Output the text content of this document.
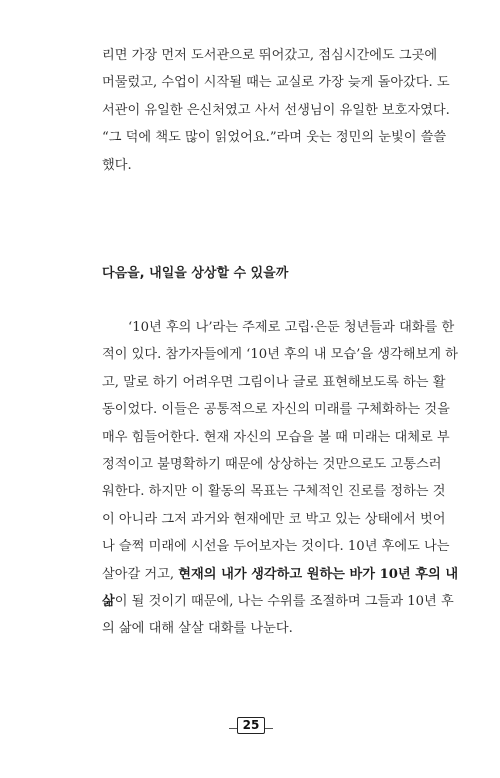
리면 가장 먼저 도서관으로 뛰어갔고, 점심시간에도 그곳에
머물렀고, 수업이 시작될 때는 교실로 가장 늦게 돌아갔다. 도
서관이 유일한 은신처였고 사서 선생님이 유일한 보호자였다.
“그 덕에 책도 많이 읽었어요.”라며 웃는 정민의 눈빛이 쓸쓸
했다.

다음을, 내일을 상상할 수 있을까

‘10년 후의 나’라는 주제로 고립·은둔 청년들과 대화를 한
적이 있다. 참가자들에게 ‘10년 후의 내 모습’을 생각해보게 하
고, 말로 하기 어려우면 그림이나 글로 표현해보도록 하는 활
동이었다. 이들은 공통적으로 자신의 미래를 구체화하는 것을
매우 힘들어한다. 현재 자신의 모습을 볼 때 미래는 대체로 부
정적이고 불명확하기 때문에 상상하는 것만으로도 고통스러
워한다. 하지만 이 활동의 목표는 구체적인 진로를 정하는 것
이 아니라 그저 과거와 현재에만 코 박고 있는 상태에서 벗어
나 슬쩍 미래에 시선을 두어보자는 것이다. 10년 후에도 나는
살아갈 거고, 현재의 내가 생각하고 원하는 바가 10년 후의 내
삶이 될 것이기 때문에, 나는 수위를 조절하며 그들과 10년 후
의 삶에 대해 살살 대화를 나눈다.

25
